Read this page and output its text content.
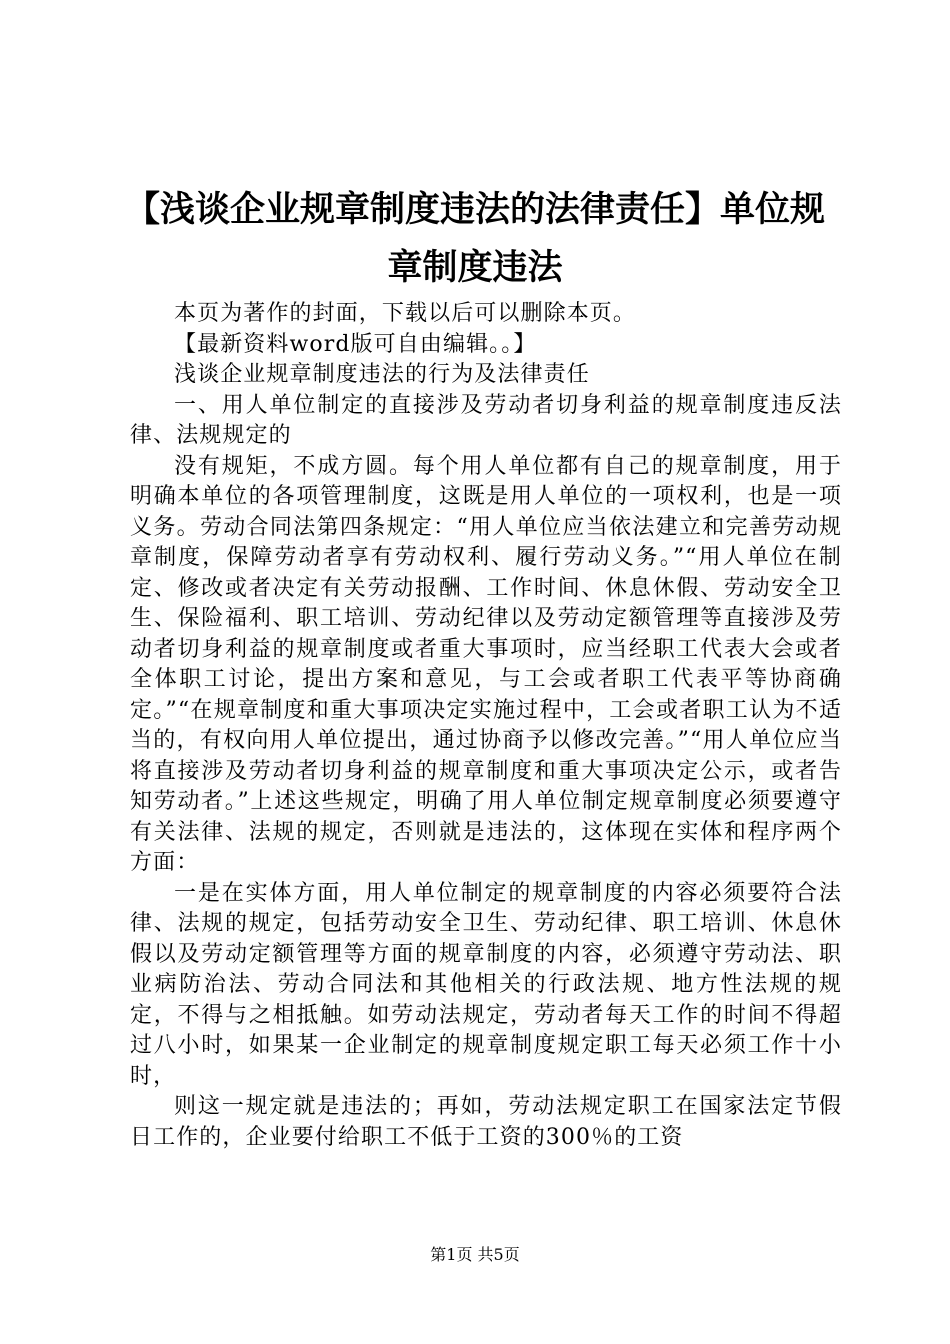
【浅谈企业规章制度违法的法律责任】单位规
章制度违法

本页为著作的封面，下载以后可以删除本页。

【最新资料word版可自由编辑。。】

浅谈企业规章制度违法的行为及法律责任

一、用人单位制定的直接涉及劳动者切身利益的规章制度违反法律、法规规定的

没有规矩，不成方圆。每个用人单位都有自己的规章制度，用于明确本单位的各项管理制度，这既是用人单位的一项权利，也是一项义务。劳动合同法第四条规定：“用人单位应当依法建立和完善劳动规章制度，保障劳动者享有劳动权利、履行劳动义务。”“用人单位在制定、修改或者决定有关劳动报酬、工作时间、休息休假、劳动安全卫生、保险福利、职工培训、劳动纪律以及劳动定额管理等直接涉及劳动者切身利益的规章制度或者重大事项时，应当经职工代表大会或者全体职工讨论，提出方案和意见，与工会或者职工代表平等协商确定。”“在规章制度和重大事项决定实施过程中，工会或者职工认为不适当的，有权向用人单位提出，通过协商予以修改完善。”“用人单位应当将直接涉及劳动者切身利益的规章制度和重大事项决定公示，或者告知劳动者。”上述这些规定，明确了用人单位制定规章制度必须要遵守有关法律、法规的规定，否则就是违法的，这体现在实体和程序两个方面：

一是在实体方面，用人单位制定的规章制度的内容必须要符合法律、法规的规定，包括劳动安全卫生、劳动纪律、职工培训、休息休假以及劳动定额管理等方面的规章制度的内容，必须遵守劳动法、职业病防治法、劳动合同法和其他相关的行政法规、地方性法规的规定，不得与之相抵触。如劳动法规定，劳动者每天工作的时间不得超过八小时，如果某一企业制定的规章制度规定职工每天必须工作十小时，

则这一规定就是违法的；再如，劳动法规定职工在国家法定节假日工作的，企业要付给职工不低于工资的300％的工资

第1页 共5页
